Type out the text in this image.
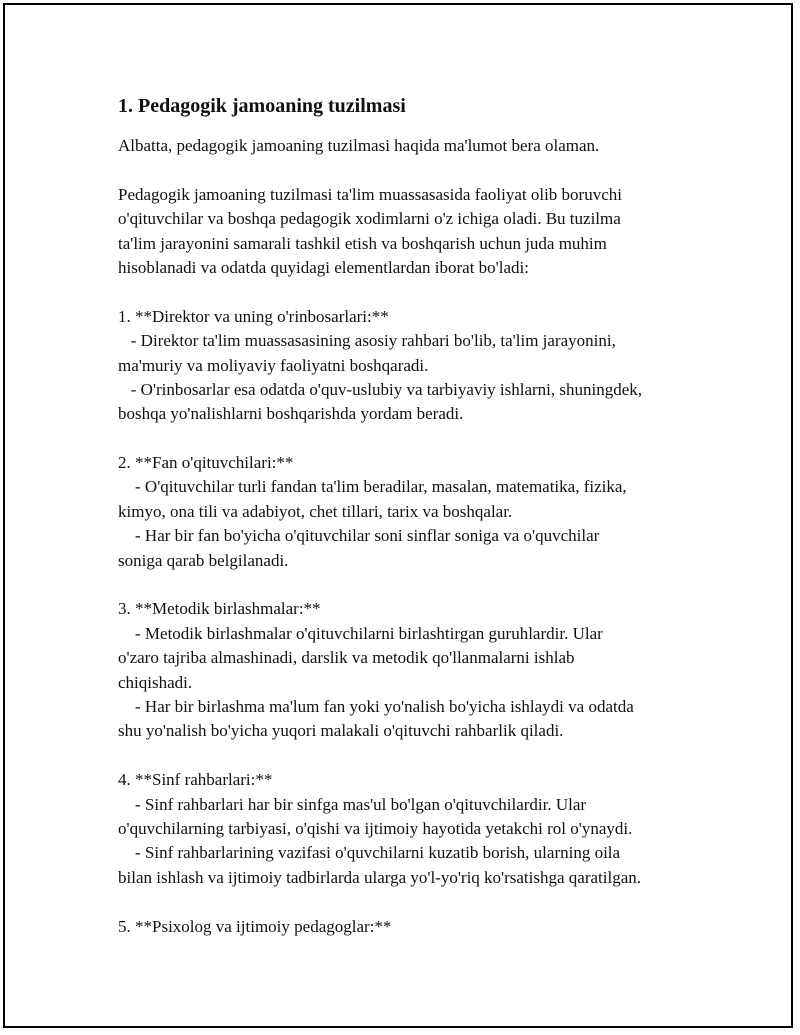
1. Pedagogik jamoaning tuzilmasi
Albatta, pedagogik jamoaning tuzilmasi haqida ma'lumot bera olaman.
Pedagogik jamoaning tuzilmasi ta'lim muassasasida faoliyat olib boruvchi
o'qituvchilar va boshqa pedagogik xodimlarni o'z ichiga oladi. Bu tuzilma
ta'lim jarayonini samarali tashkil etish va boshqarish uchun juda muhim
hisoblanadi va odatda quyidagi elementlardan iborat bo'ladi:
1. **Direktor va uning o'rinbosarlari:**
- Direktor ta'lim muassasasining asosiy rahbari bo'lib, ta'lim jarayonini,
ma'muriy va moliyaviy faoliyatni boshqaradi.
- O'rinbosarlar esa odatda o'quv-uslubiy va tarbiyaviy ishlarni, shuningdek,
boshqa yo'nalishlarni boshqarishda yordam beradi.
2. **Fan o'qituvchilari:**
- O'qituvchilar turli fandan ta'lim beradilar, masalan, matematika, fizika,
kimyo, ona tili va adabiyot, chet tillari, tarix va boshqalar.
- Har bir fan bo'yicha o'qituvchilar soni sinflar soniga va o'quvchilar
soniga qarab belgilanadi.
3. **Metodik birlashmalar:**
- Metodik birlashmalar o'qituvchilarni birlashtirgan guruhlardir. Ular
o'zaro tajriba almashinadi, darslik va metodik qo'llanmalarni ishlab
chiqishadi.
- Har bir birlashma ma'lum fan yoki yo'nalish bo'yicha ishlaydi va odatda
shu yo'nalish bo'yicha yuqori malakali o'qituvchi rahbarlik qiladi.
4. **Sinf rahbarlari:**
- Sinf rahbarlari har bir sinfga mas'ul bo'lgan o'qituvchilardir. Ular
o'quvchilarning tarbiyasi, o'qishi va ijtimoiy hayotida yetakchi rol o'ynaydi.
- Sinf rahbarlarining vazifasi o'quvchilarni kuzatib borish, ularning oila
bilan ishlash va ijtimoiy tadbirlarda ularga yo'l-yo'riq ko'rsatishga qaratilgan.
5. **Psixolog va ijtimoiy pedagoglar:**
